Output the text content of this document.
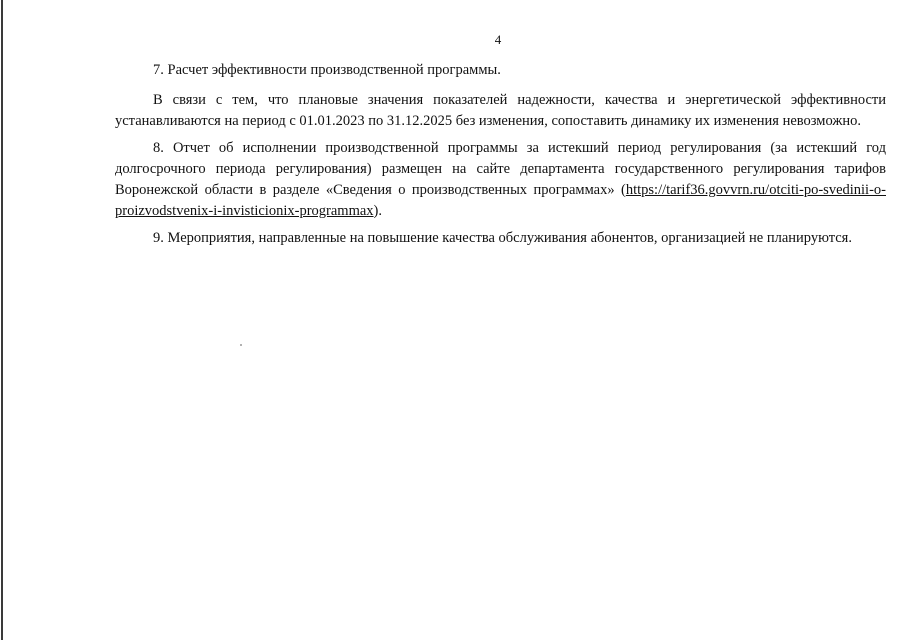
4

7. Расчет эффективности производственной программы.

В связи с тем, что плановые значения показателей надежности, качества и энергетической эффективности

устанавливаются на период с 01.01.2023 по 31.12.2025 без изменения, сопоставить динамику их изменения невозможно.

8. Отчет об исполнении производственной программы за истекший период регулирования (за истекший год долгосрочного периода регулирования) размещен на сайте департамента государственного регулирования тарифов Воронежской области в разделе «Сведения о производственных программах» (https://tarif36.govvrn.ru/otciti-po-svedinii-o-proizvodstvenix-i-invisticionix-programmax).

9. Мероприятия, направленные на повышение качества обслуживания абонентов, организацией не планируются.
